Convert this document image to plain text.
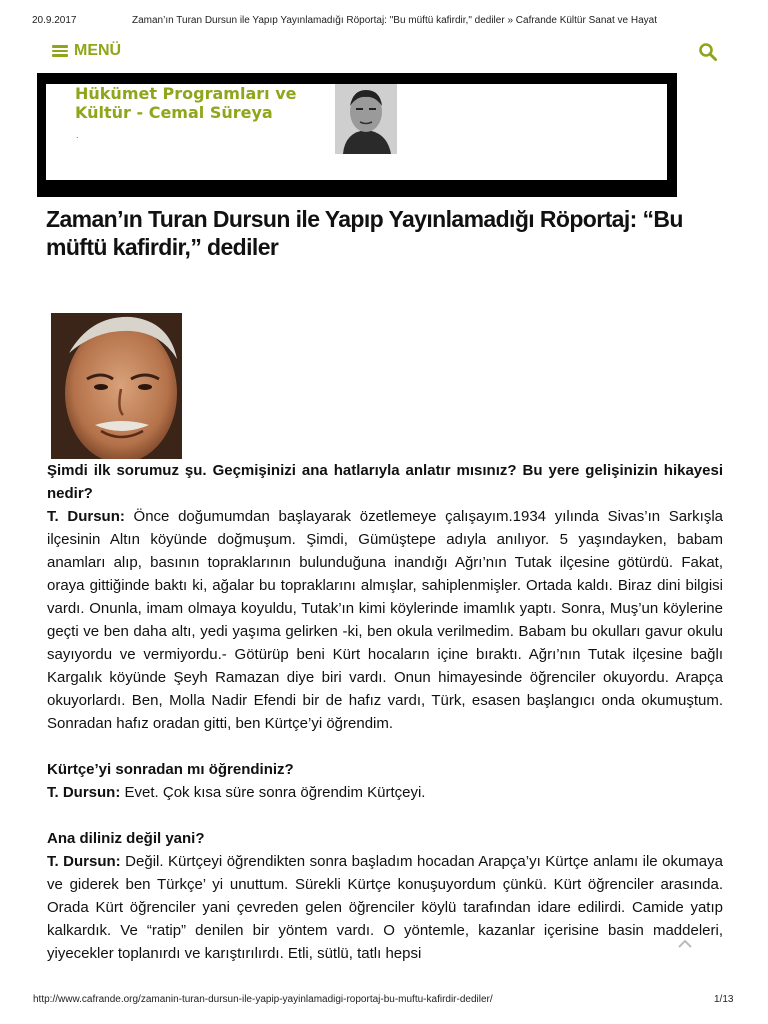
20.9.2017	Zaman’ın Turan Dursun ile Yapıp Yayınlamadığı Röportaj: "Bu müftü kafirdir," dediler » Cafrande Kültür Sanat ve Hayat
MENÜ
Hükümet Programları ve Kültür - Cemal Süreya
.
Zaman’ın Turan Dursun ile Yapıp Yayınlamadığı Röportaj: “Bu müftü kafirdir,” dediler

Şimdi ilk sorumuz şu. Geçmişinizi ana hatlarıyla anlatır mısınız? Bu yere gelişinizin hikayesi nedir?

T. Dursun: Önce doğumumdan başlayarak özetlemeye çalışayım.1934 yılında Sivas’ın Sarkışla ilçesinin Altın köyünde doğmuşum. Şimdi, Gümüştepe adıyla anılıyor. 5 yaşındayken, babam anamları alıp, basının topraklarının bulunduğuna inandığı Ağrı’nın Tutak ilçesine götürdü. Fakat, oraya gittiğinde baktı ki, ağalar bu topraklarını almışlar, sahiplenmişler. Ortada kaldı. Biraz dini bilgisi vardı. Onunla, imam olmaya koyuldu, Tutak’ın kimi köylerinde imamlık yaptı. Sonra, Muş’un köylerine geçti ve ben daha altı, yedi yaşıma gelirken -ki, ben okula verilmedim. Babam bu okulları gavur okulu sayıyordu ve vermiyordu.- Götürüp beni Kürt hocaların içine bıraktı. Ağrı’nın Tutak ilçesine bağlı Kargalık köyünde Şeyh Ramazan diye biri vardı. Onun himayesinde öğrenciler okuyordu. Arapça okuyorlardı. Ben, Molla Nadir Efendi bir de hafız vardı, Türk, esasen başlangıcı onda okumuştum. Sonradan hafız oradan gitti, ben Kürtçe’yi öğrendim.

Kürtçe’yi sonradan mı öğrendiniz?

T. Dursun: Evet. Çok kısa süre sonra öğrendim Kürtçeyi.

Ana diliniz değil yani?

T. Dursun: Değil. Kürtçeyi öğrendikten sonra başladım hocadan Arapça’yı Kürtçe anlamı ile okumaya ve giderek ben Türkçe’ yi unuttum. Sürekli Kürtçe konuşuyordum çünkü. Kürt öğrenciler arasında. Orada Kürt öğrenciler yani çevreden gelen öğrenciler köylü tarafından idare edilirdi. Camide yatıp kalkardık. Ve “ratip” denilen bir yöntem vardı. O yöntemle, kazanlar içerisine basin maddeleri, yiyecekler toplanırdı ve karıştırılırdı. Etli, sütlü, tatlı hepsi

http://www.cafrande.org/zamanin-turan-dursun-ile-yapip-yayinlamadigi-roportaj-bu-muftu-kafirdir-dediler/	1/13
